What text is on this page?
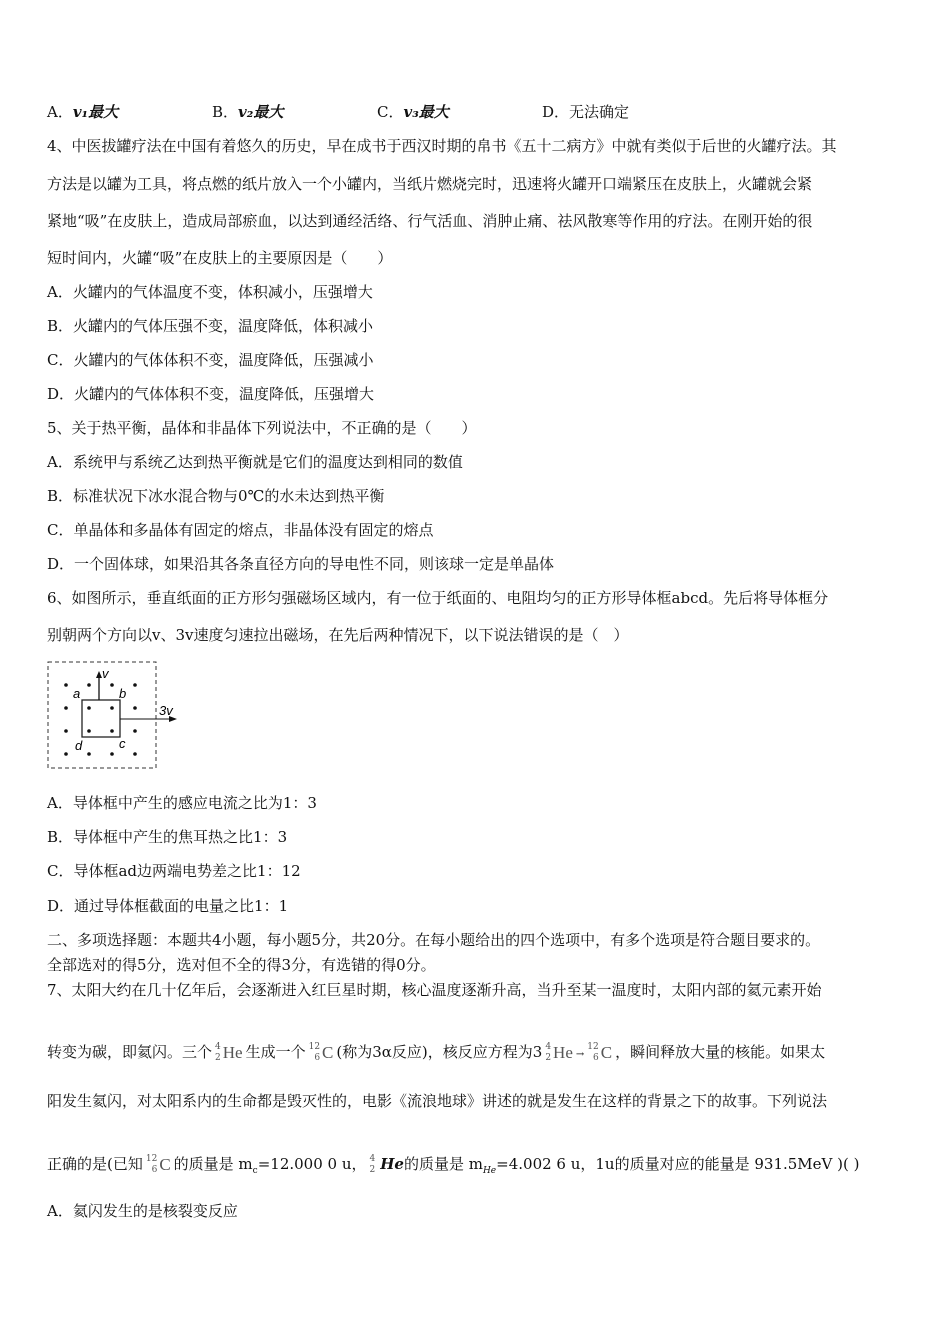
A．v₁最大	B．v₂最大	C．v₃最大	D．无法确定
4、中医拔罐疗法在中国有着悠久的历史，早在成书于西汉时期的帛书《五十二病方》中就有类似于后世的火罐疗法。其
方法是以罐为工具，将点燃的纸片放入一个小罐内，当纸片燃烧完时，迅速将火罐开口端紧压在皮肤上，火罐就会紧
紧地“吸”在皮肤上，造成局部瘀血，以达到通经活络、行气活血、消肿止痛、祛风散寒等作用的疗法。在刚开始的很
短时间内，火罐“吸”在皮肤上的主要原因是（　　）
A．火罐内的气体温度不变，体积减小，压强增大
B．火罐内的气体压强不变，温度降低，体积减小
C．火罐内的气体体积不变，温度降低，压强减小
D．火罐内的气体体积不变，温度降低，压强增大
5、关于热平衡，晶体和非晶体下列说法中，不正确的是（　　）
A．系统甲与系统乙达到热平衡就是它们的温度达到相同的数值
B．标准状况下冰水混合物与0℃的水未达到热平衡
C．单晶体和多晶体有固定的熔点，非晶体没有固定的熔点
D．一个固体球，如果沿其各条直径方向的导电性不同，则该球一定是单晶体
6、如图所示，垂直纸面的正方形匀强磁场区域内，有一位于纸面的、电阻均匀的正方形导体框abcd。先后将导体框分
别朝两个方向以v、3v速度匀速拉出磁场，在先后两种情况下，以下说法错误的是（　）
v
a	b
d	c
3v
A．导体框中产生的感应电流之比为1：3
B．导体框中产生的焦耳热之比1：3
C．导体框ad边两端电势差之比1：12
D．通过导体框截面的电量之比1：1
二、多项选择题：本题共4小题，每小题5分，共20分。在每小题给出的四个选项中，有多个选项是符合题目要求的。
全部选对的得5分，选对但不全的得3分，有选错的得0分。
7、太阳大约在几十亿年后，会逐渐进入红巨星时期，核心温度逐渐升高，当升至某一温度时，太阳内部的氦元素开始
转变为碳，即氦闪。三个 4
2 He 生成一个 12
6 C (称为3α反应)，核反应方程为3 4
2 He →
12
6 C ，瞬间释放大量的核能。如果太
阳发生氦闪，对太阳系内的生命都是毁灭性的，电影《流浪地球》讲述的就是发生在这样的背景之下的故事。下列说法
正确的是(已知 12
6 C 的质量是 $m_c=12.000$ 0 u， 4
2 He的质量是 $m_{He}=4.002$ 6 u，1u的质量对应的能量是 931.5MeV )( )
A．氦闪发生的是核裂变反应
